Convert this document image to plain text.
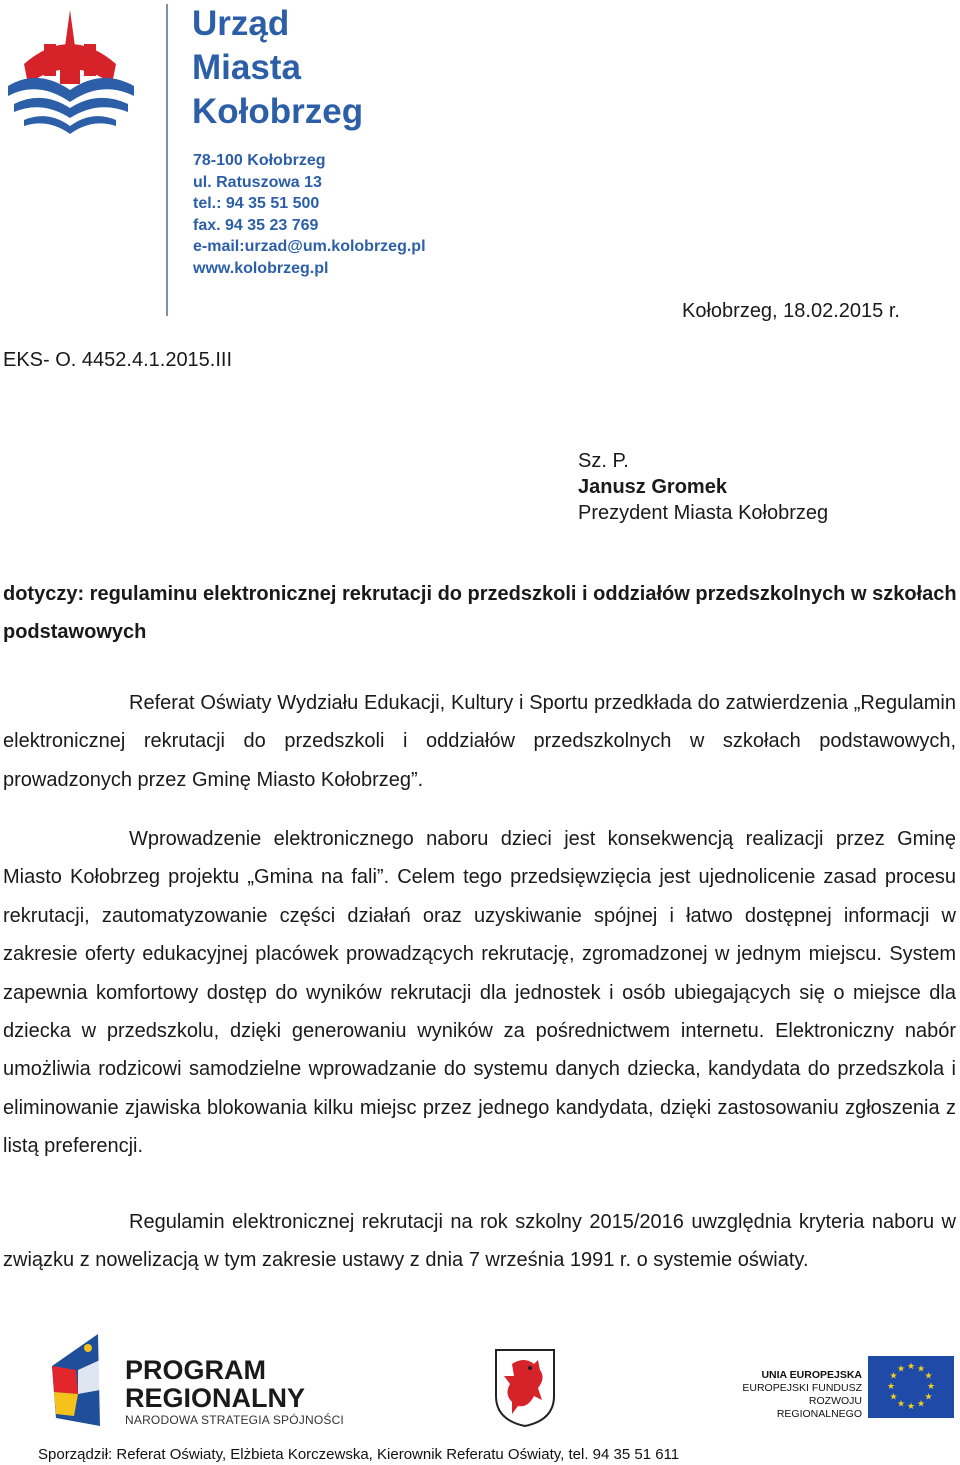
Urząd
Miasta
Kołobrzeg
78-100 Kołobrzeg
ul. Ratuszowa 13
tel.: 94 35 51 500
fax. 94 35 23 769
e-mail:urzad@um.kolobrzeg.pl
www.kolobrzeg.pl
Kołobrzeg, 18.02.2015 r.
EKS- O. 4452.4.1.2015.III
Sz. P.
Janusz Gromek
Prezydent Miasta Kołobrzeg
dotyczy: regulaminu elektronicznej rekrutacji do przedszkoli i oddziałów przedszkolnych w szkołach podstawowych

Referat Oświaty Wydziału Edukacji, Kultury i Sportu przedkłada do zatwierdzenia „Regulamin elektronicznej rekrutacji do przedszkoli i oddziałów przedszkolnych w szkołach podstawowych, prowadzonych przez Gminę Miasto Kołobrzeg”.

Wprowadzenie elektronicznego naboru dzieci jest konsekwencją realizacji przez Gminę Miasto Kołobrzeg projektu „Gmina na fali”. Celem tego przedsięwzięcia jest ujednolicenie zasad procesu rekrutacji, zautomatyzowanie części działań oraz uzyskiwanie spójnej i łatwo dostępnej informacji w zakresie oferty edukacyjnej placówek prowadzących rekrutację, zgromadzonej w jednym miejscu. System zapewnia komfortowy dostęp do wyników rekrutacji dla jednostek i osób ubiegających się o miejsce dla dziecka w przedszkolu, dzięki generowaniu wyników za pośrednictwem internetu. Elektroniczny nabór umożliwia rodzicowi samodzielne wprowadzanie do systemu danych dziecka, kandydata do przedszkola i eliminowanie zjawiska blokowania kilku miejsc przez jednego kandydata, dzięki zastosowaniu zgłoszenia z listą preferencji.

Regulamin elektronicznej rekrutacji na rok szkolny 2015/2016 uwzględnia kryteria naboru w związku z nowelizacją w tym zakresie ustawy z dnia 7 września 1991 r. o systemie oświaty.

PROGRAM
REGIONALNY
NARODOWA STRATEGIA SPÓJNOŚCI
UNIA EUROPEJSKA
EUROPEJSKI FUNDUSZ
ROZWOJU REGIONALNEGO
★ ★
★
★
★
★
★
★
★
★
★
★
Sporządził: Referat Oświaty, Elżbieta Korczewska, Kierownik Referatu Oświaty, tel. 94 35 51 611
